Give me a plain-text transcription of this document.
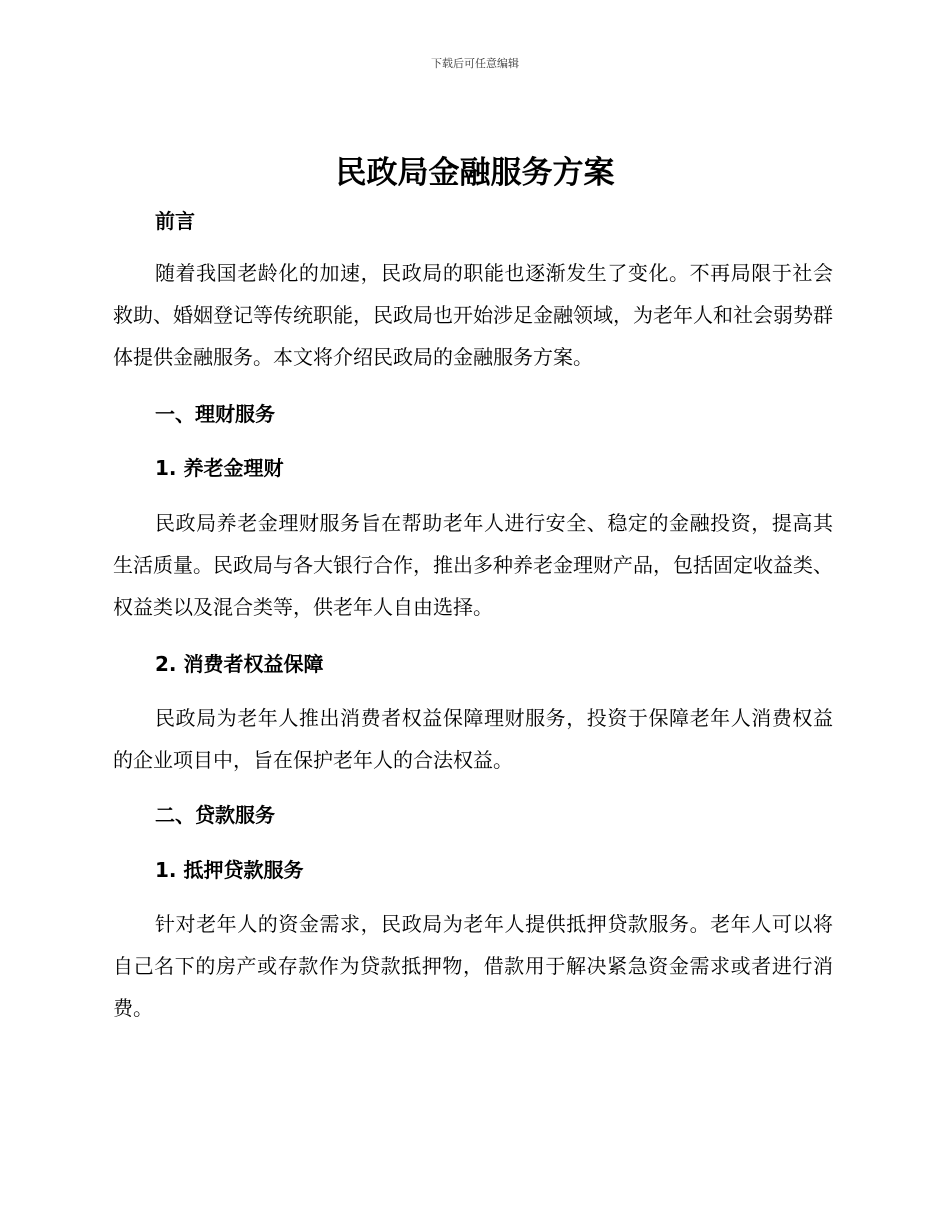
下载后可任意编辑
民政局金融服务方案
前言

随着我国老龄化的加速，民政局的职能也逐渐发生了变化。不再局限于社会救助、婚姻登记等传统职能，民政局也开始涉足金融领域，为老年人和社会弱势群体提供金融服务。本文将介绍民政局的金融服务方案。

一、理财服务
1. 养老金理财

民政局养老金理财服务旨在帮助老年人进行安全、稳定的金融投资，提高其生活质量。民政局与各大银行合作，推出多种养老金理财产品，包括固定收益类、权益类以及混合类等，供老年人自由选择。

2. 消费者权益保障

民政局为老年人推出消费者权益保障理财服务，投资于保障老年人消费权益的企业项目中，旨在保护老年人的合法权益。

二、贷款服务
1. 抵押贷款服务

针对老年人的资金需求，民政局为老年人提供抵押贷款服务。老年人可以将自己名下的房产或存款作为贷款抵押物，借款用于解决紧急资金需求或者进行消费。
